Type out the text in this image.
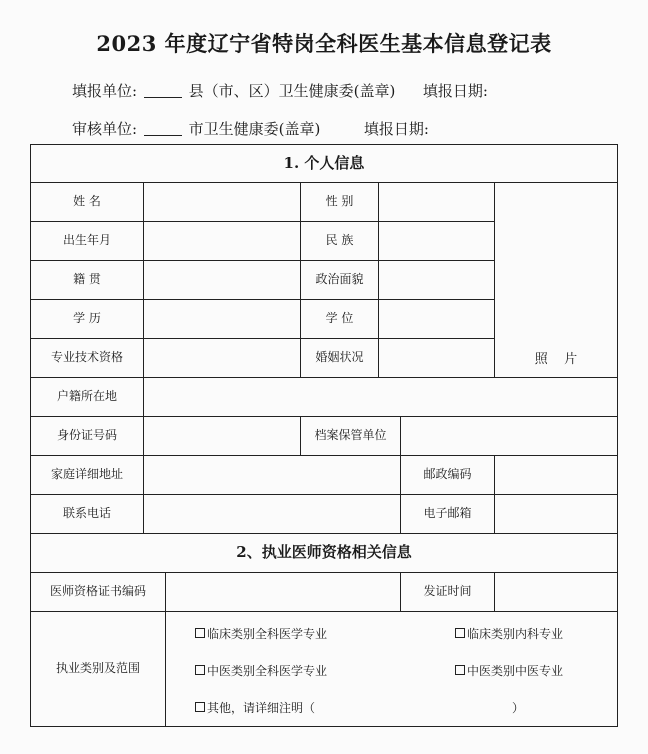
2023 年度辽宁省特岗全科医生基本信息登记表
填报单位:	县（市、区）卫生健康委(盖章) 填报日期:
审核单位:	市卫生健康委(盖章)	填报日期:
1. 个人信息
姓 名	性 别
出生年月	民 族
籍 贯	政治面貌
学 历	学 位
专业技术资格	婚姻状况	照    片
户籍所在地
身份证号码	档案保管单位
家庭详细地址	邮政编码
联系电话	电子邮箱
2、执业医师资格相关信息
医师资格证书编码	发证时间
执业类别及范围
临床类别全科医学专业	临床类别内科专业
中医类别全科医学专业	中医类别中医专业
其他，请详细注明（	）
